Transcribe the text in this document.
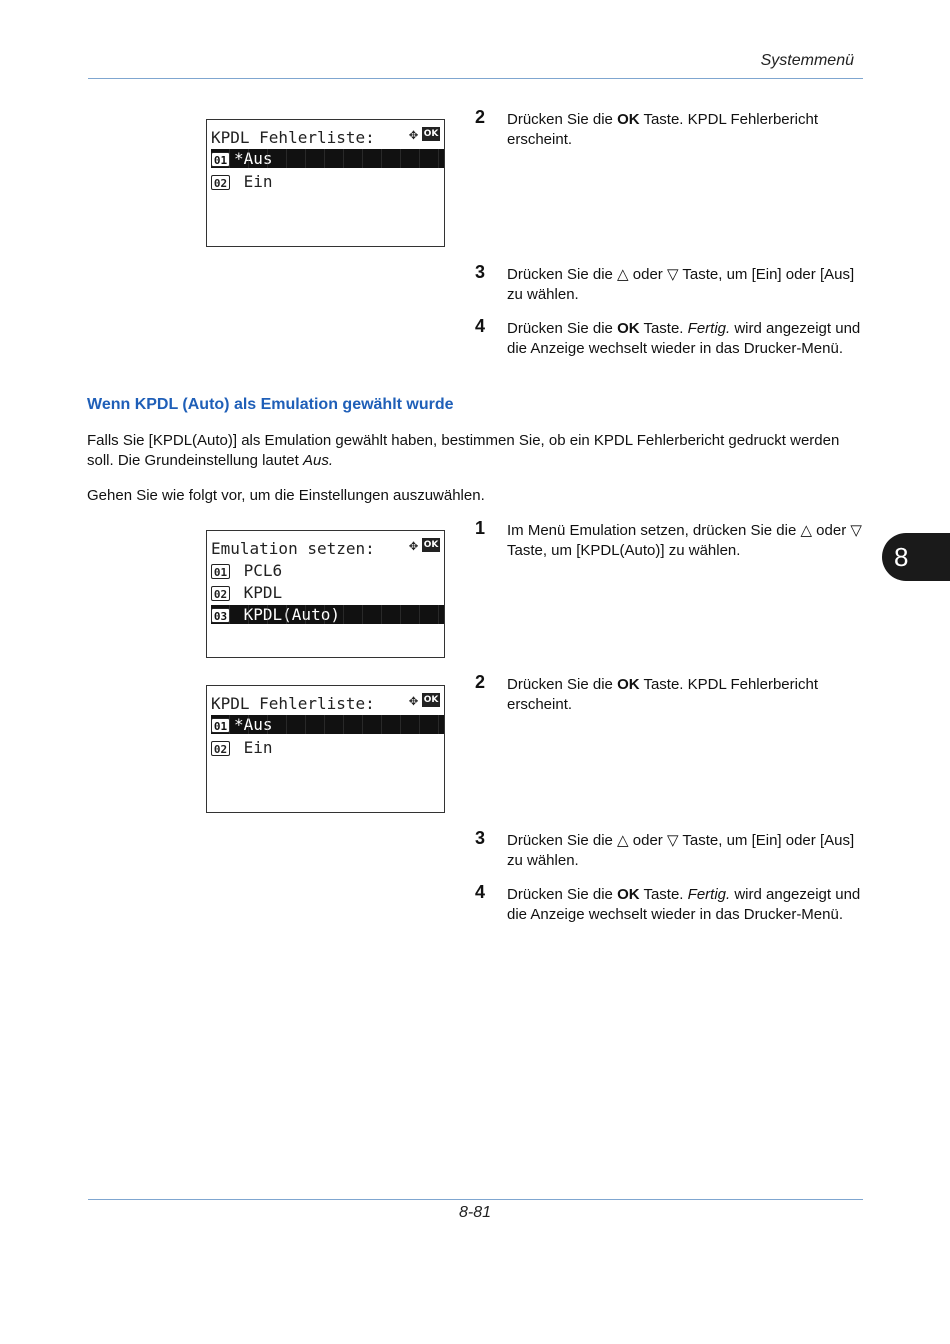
Systemmenü
KPDL Fehlerliste:	✥ OK
01 *Aus
02 Ein
2 Drücken Sie die OK Taste. KPDL Fehlerbericht erscheint.
3 Drücken Sie die △ oder ▽ Taste, um [Ein] oder [Aus] zu wählen.
4 Drücken Sie die OK Taste. Fertig. wird angezeigt und die Anzeige wechselt wieder in das Drucker-Menü.
Wenn KPDL (Auto) als Emulation gewählt wurde
Falls Sie [KPDL(Auto)] als Emulation gewählt haben, bestimmen Sie, ob ein KPDL Fehlerbericht gedruckt werden soll. Die Grundeinstellung lautet Aus.
Gehen Sie wie folgt vor, um die Einstellungen auszuwählen.
Emulation setzen:	✥ OK
01 PCL6
02 KPDL
03 KPDL(Auto)
8
1 Im Menü Emulation setzen, drücken Sie die △ oder ▽ Taste, um [KPDL(Auto)] zu wählen.
KPDL Fehlerliste:	✥ OK
01 *Aus
02 Ein
2 Drücken Sie die OK Taste. KPDL Fehlerbericht erscheint.
3 Drücken Sie die △ oder ▽ Taste, um [Ein] oder [Aus] zu wählen.
4 Drücken Sie die OK Taste. Fertig. wird angezeigt und die Anzeige wechselt wieder in das Drucker-Menü.
8-81
